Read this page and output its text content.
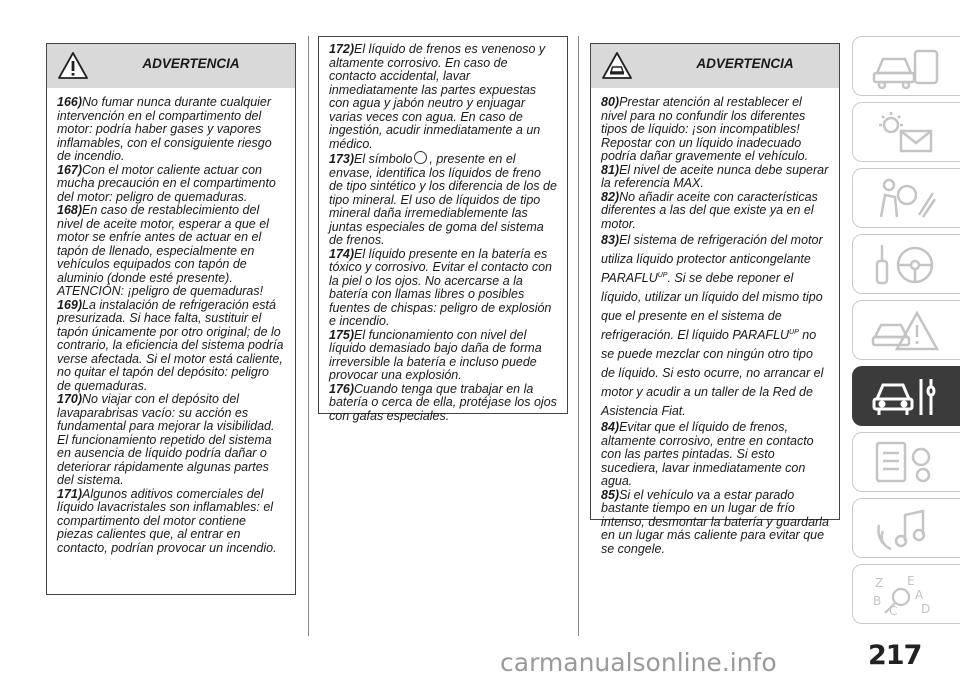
ADVERTENCIA

166)No fumar nunca durante cualquier intervención en el compartimento del motor: podría haber gases y vapores inflamables, con el consiguiente riesgo de incendio.

167)Con el motor caliente actuar con mucha precaución en el compartimento del motor: peligro de quemaduras.

168)En caso de restablecimiento del nivel de aceite motor, esperar a que el motor se enfríe antes de actuar en el tapón de llenado, especialmente en vehículos equipados con tapón de aluminio (donde esté presente). ATENCIÓN: ¡peligro de quemaduras!

169)La instalación de refrigeración está presurizada. Si hace falta, sustituir el tapón únicamente por otro original; de lo contrario, la eficiencia del sistema podría verse afectada. Si el motor está caliente, no quitar el tapón del depósito: peligro de quemaduras.

170)No viajar con el depósito del lavaparabrisas vacío: su acción es fundamental para mejorar la visibilidad. El funcionamiento repetido del sistema en ausencia de líquido podría dañar o deteriorar rápidamente algunas partes del sistema.

171)Algunos aditivos comerciales del líquido lavacristales son inflamables: el compartimento del motor contiene piezas calientes que, al entrar en contacto, podrían provocar un incendio.

172)El líquido de frenos es venenoso y altamente corrosivo. En caso de contacto accidental, lavar inmediatamente las partes expuestas con agua y jabón neutro y enjuagar varias veces con agua. En caso de ingestión, acudir inmediatamente a un médico.

173)El símbolo , presente en el envase, identifica los líquidos de freno de tipo sintético y los diferencia de los de tipo mineral. El uso de líquidos de tipo mineral daña irremediablemente las juntas especiales de goma del sistema de frenos.

174)El líquido presente en la batería es tóxico y corrosivo. Evitar el contacto con la piel o los ojos. No acercarse a la batería con llamas libres o posibles fuentes de chispas: peligro de explosión e incendio.

175)El funcionamiento con nivel del líquido demasiado bajo daña de forma irreversible la batería e incluso puede provocar una explosión.

176)Cuando tenga que trabajar en la batería o cerca de ella, protéjase los ojos con gafas especiales.

ADVERTENCIA

80)Prestar atención al restablecer el nivel para no confundir los diferentes tipos de líquido: ¡son incompatibles! Repostar con un líquido inadecuado podría dañar gravemente el vehículo.

81)El nivel de aceite nunca debe superar la referencia MAX.

82)No añadir aceite con características diferentes a las del que existe ya en el motor.

83)El sistema de refrigeración del motor utiliza líquido protector anticongelante $PARAFLU^{UP}$. Si se debe reponer el líquido, utilizar un líquido del mismo tipo que el presente en el sistema de refrigeración. El líquido $PARAFLU^{UP}$ no se puede mezclar con ningún otro tipo de líquido. Si esto ocurre, no arrancar el motor y acudir a un taller de la Red de Asistencia Fiat.

84)Evitar que el líquido de frenos, altamente corrosivo, entre en contacto con las partes pintadas. Si esto sucediera, lavar inmediatamente con agua.

85)Si el vehículo va a estar parado bastante tiempo en un lugar de frío intenso, desmontar la batería y guardarla en un lugar más caliente para evitar que se congele.

Z E
B
C D
A
carmanualsonline.info	217
